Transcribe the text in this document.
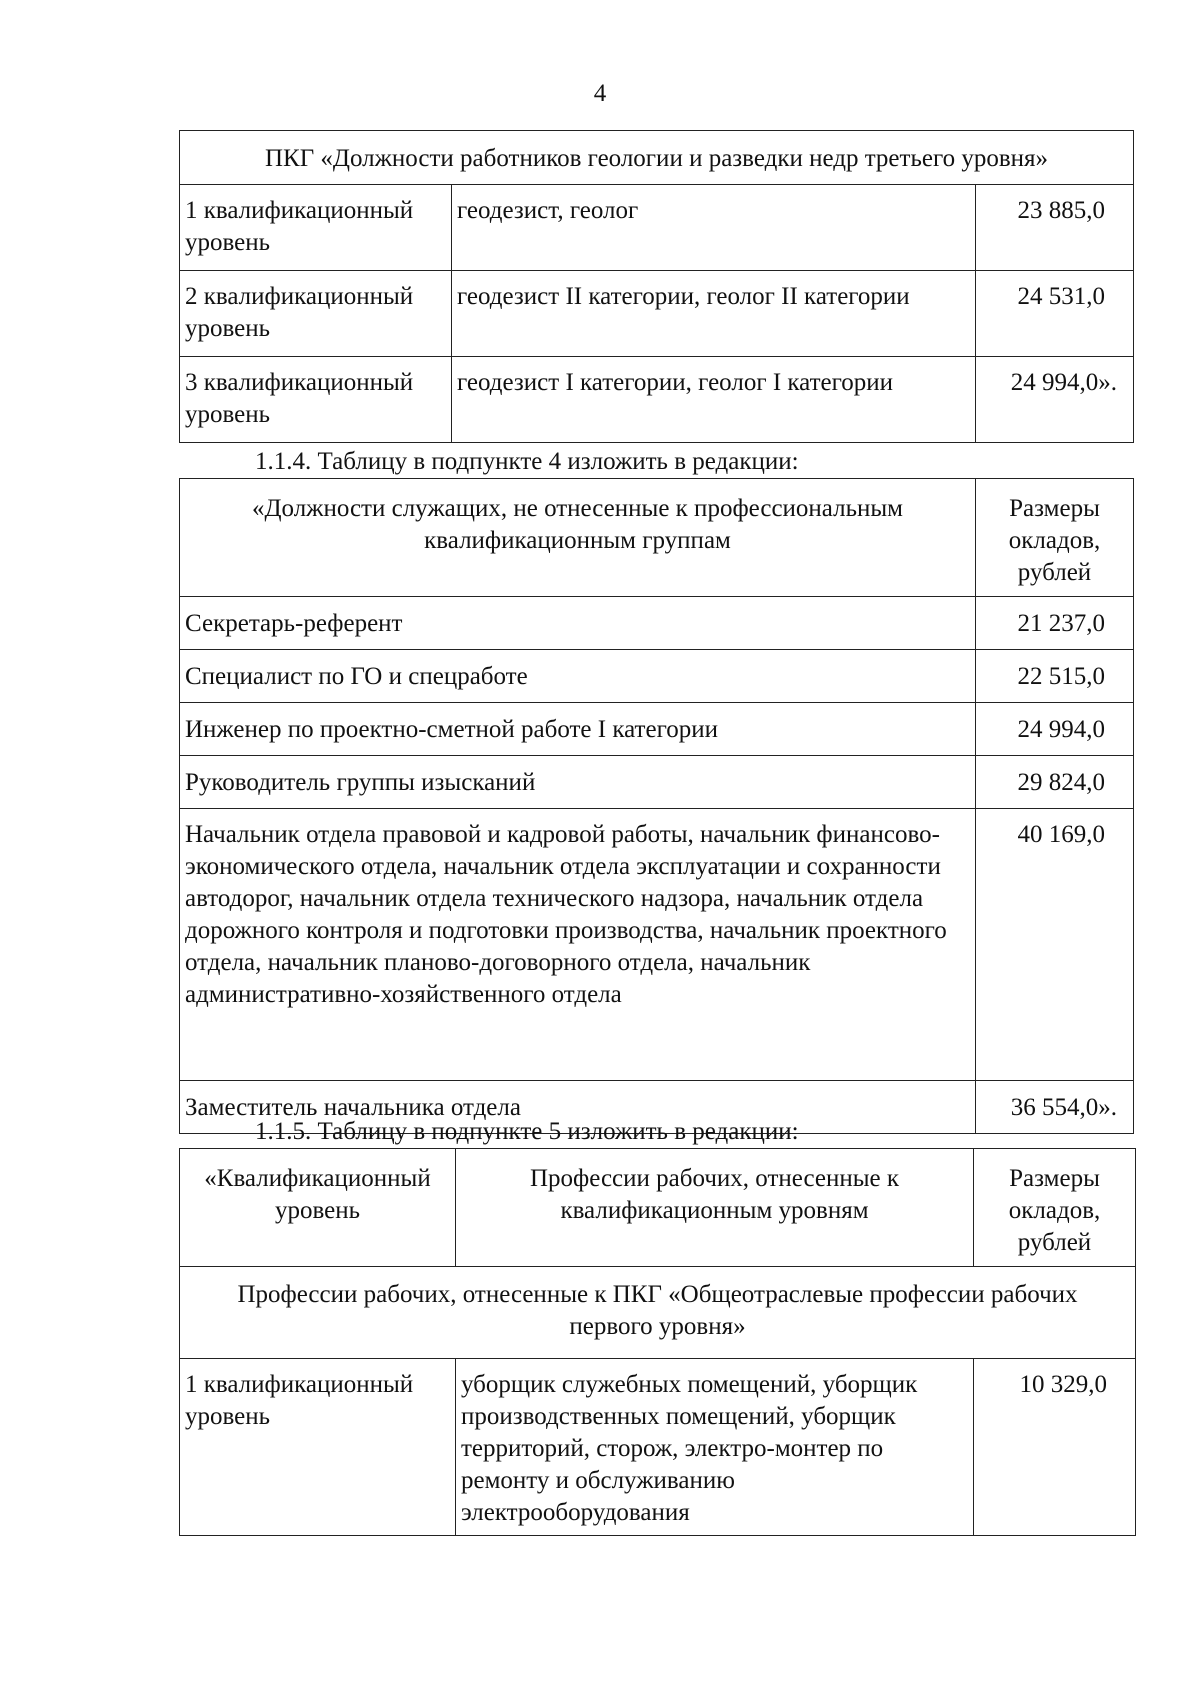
4
ПКГ «Должности работников геологии и разведки недр третьего уровня»		
1 квалификационный уровень	геодезист, геолог	23 885,0
2 квалификационный уровень	геодезист II категории, геолог II категории	24 531,0
3 квалификационный уровень	геодезист I категории, геолог I категории	24 994,0».
1.1.4. Таблицу в подпункте 4 изложить в редакции:
«Должности служащих, не отнесенные к профессиональным квалификационным группам	Размеры окладов, рублей
Секретарь-референт	21 237,0
Специалист по ГО и спецработе	22 515,0
Инженер по проектно-сметной работе I категории	24 994,0
Руководитель группы изысканий	29 824,0
Начальник отдела правовой и кадровой работы, начальник финансово-экономического отдела, начальник отдела эксплуатации и сохранности автодорог, начальник отдела технического надзора, начальник отдела дорожного контроля и подготовки производства, начальник проектного отдела, начальник планово-договорного отдела, начальник административно-хозяйственного отдела	40 169,0
Заместитель начальника отдела	36 554,0».
1.1.5. Таблицу в подпункте 5 изложить в редакции:
«Квалификационный уровень	Профессии рабочих, отнесенные к квалификационным уровням	Размеры окладов, рублей
Профессии рабочих, отнесенные к ПКГ «Общеотраслевые профессии рабочих первого уровня»		
1 квалификационный уровень	уборщик служебных помещений, уборщик производственных помещений, уборщик территорий, сторож, электро-монтер по ремонту и обслуживанию электрооборудования	10 329,0
